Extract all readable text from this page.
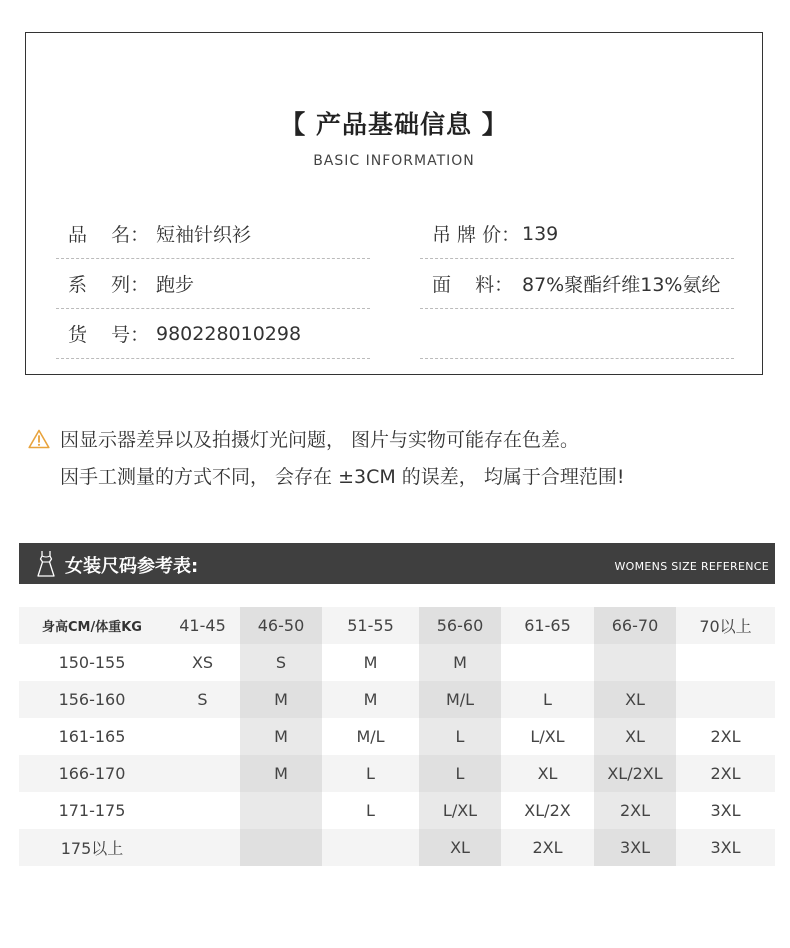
【 产品基础信息 】
BASIC INFORMATION
品    名： 短袖针织衫
系    列： 跑步
货    号： 980228010298
吊 牌 价： 139
面    料： 87%聚酯纤维13%氨纶
因显示器差异以及拍摄灯光问题， 图片与实物可能存在色差。
因手工测量的方式不同， 会存在 ±3CM 的误差， 均属于合理范围!
女装尺码参考表:	WOMENS SIZE REFERENCE
身高CM/体重KG	41-45	46-50	51-55	56-60	61-65	66-70	70以上
150-155	XS	S	M	M			
156-160	S	M	M	M/L	L	XL	
161-165		M	M/L	L	L/XL	XL	2XL
166-170		M	L	L	XL	XL/2XL	2XL
171-175			L	L/XL	XL/2X	2XL	3XL
175以上				XL	2XL	3XL	3XL
